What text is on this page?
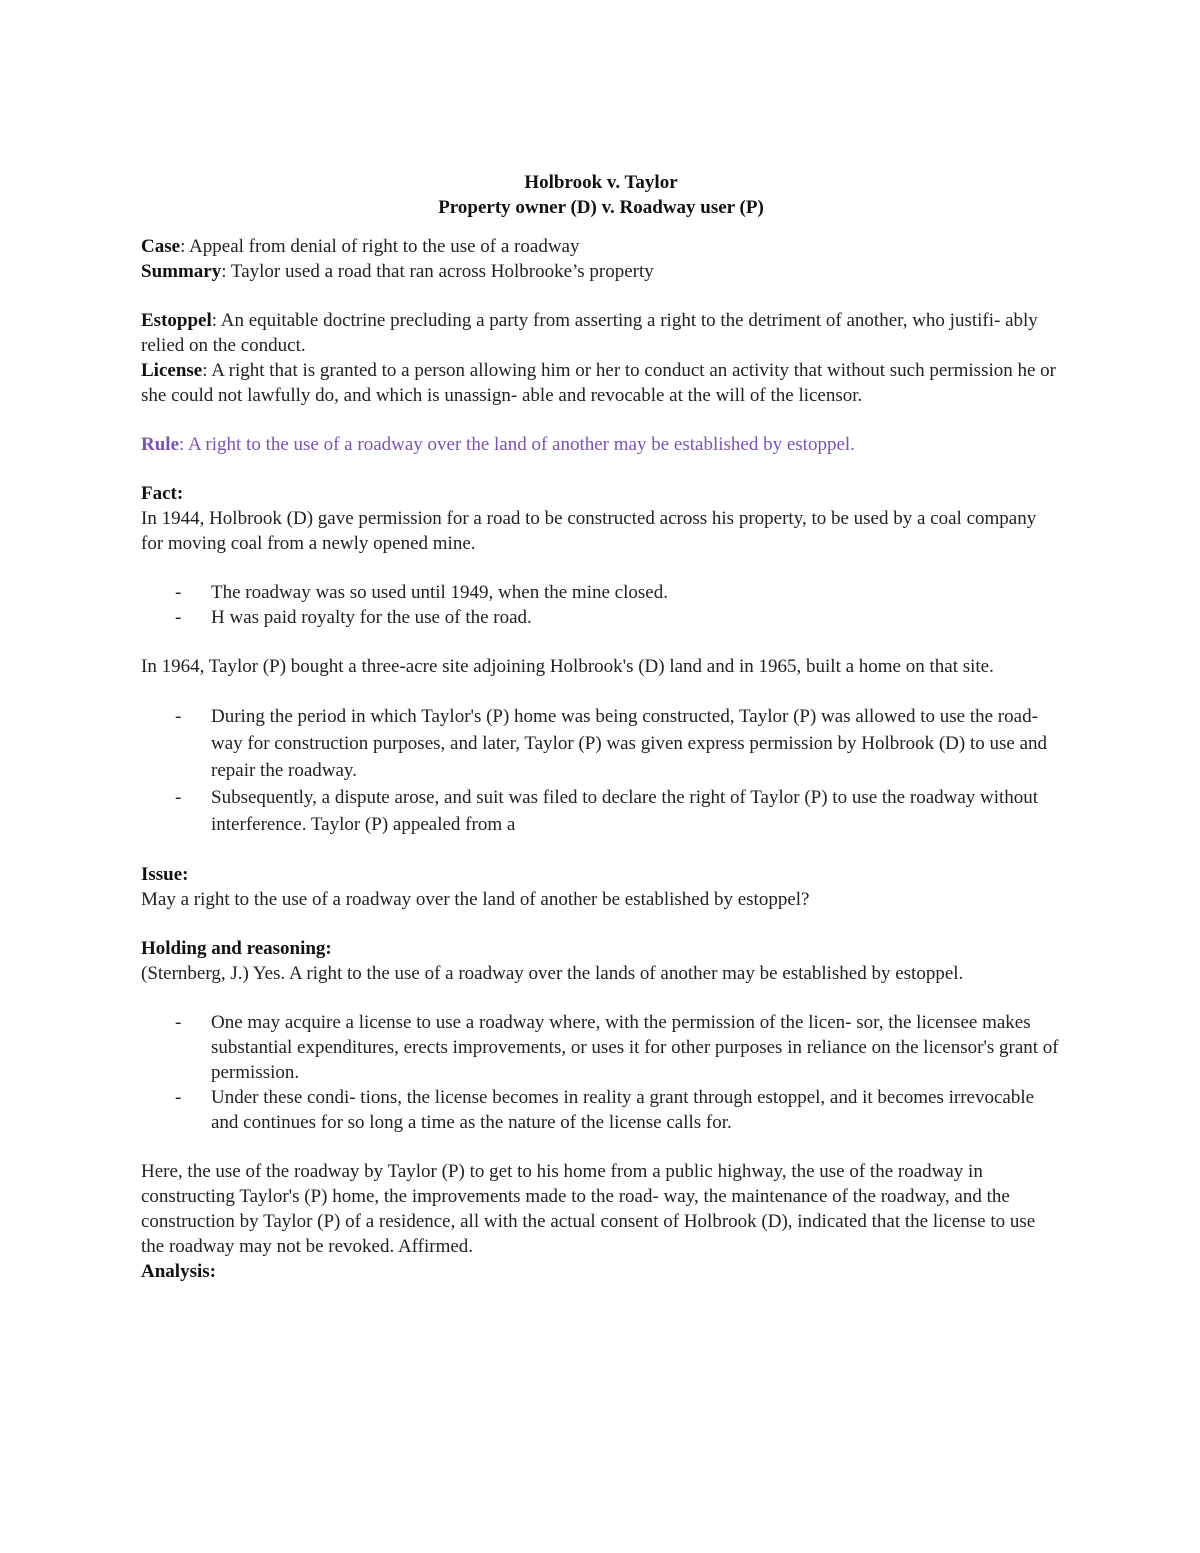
Holbrook v. Taylor
Property owner (D) v. Roadway user (P)

Case: Appeal from denial of right to the use of a roadway

Summary: Taylor used a road that ran across Holbrooke’s property

Estoppel: An equitable doctrine precluding a party from asserting a right to the detriment of another, who justifi- ably relied on the conduct.

License: A right that is granted to a person allowing him or her to conduct an activity that without such permission he or she could not lawfully do, and which is unassign- able and revocable at the will of the licensor.

Rule: A right to the use of a roadway over the land of another may be established by estoppel.

Fact:

In 1944, Holbrook (D) gave permission for a road to be constructed across his property, to be used by a coal company for moving coal from a newly opened mine.

- The roadway was so used until 1949, when the mine closed.
- H was paid royalty for the use of the road.

In 1964, Taylor (P) bought a three-acre site adjoining Holbrook's (D) land and in 1965, built a home on that site.

- During the period in which Taylor's (P) home was being constructed, Taylor (P) was allowed to use the road- way for construction purposes, and later, Taylor (P) was given express permission by Holbrook (D) to use and repair the roadway.
- Subsequently, a dispute arose, and suit was filed to declare the right of Taylor (P) to use the roadway without interference. Taylor (P) appealed from a

Issue:

May a right to the use of a roadway over the land of another be established by estoppel?

Holding and reasoning:

(Sternberg, J.) Yes. A right to the use of a roadway over the lands of another may be established by estoppel.

- One may acquire a license to use a roadway where, with the permission of the licen- sor, the licensee makes substantial expenditures, erects improvements, or uses it for other purposes in reliance on the licensor's grant of permission.
- Under these condi- tions, the license becomes in reality a grant through estoppel, and it becomes irrevocable and continues for so long a time as the nature of the license calls for.

Here, the use of the roadway by Taylor (P) to get to his home from a public highway, the use of the roadway in constructing Taylor's (P) home, the improvements made to the road- way, the maintenance of the roadway, and the construction by Taylor (P) of a residence, all with the actual consent of Holbrook (D), indicated that the license to use the roadway may not be revoked. Affirmed.

Analysis:
